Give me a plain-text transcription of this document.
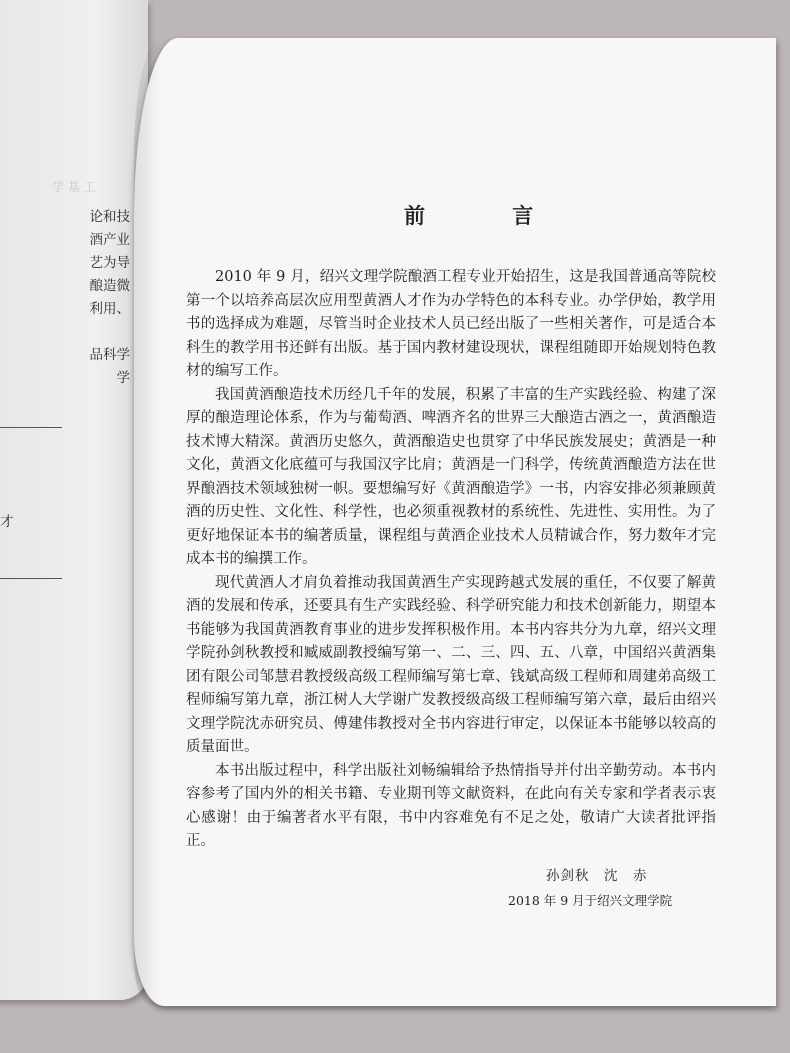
学 基 工
论和技
酒产业
艺为导
酿造微
利用、
品科学
学
才
前 言

2010 年 9 月，绍兴文理学院酿酒工程专业开始招生，这是我国普通高等院校第一个以培养高层次应用型黄酒人才作为办学特色的本科专业。办学伊始，教学用书的选择成为难题，尽管当时企业技术人员已经出版了一些相关著作，可是适合本科生的教学用书还鲜有出版。基于国内教材建设现状，课程组随即开始规划特色教材的编写工作。

我国黄酒酿造技术历经几千年的发展，积累了丰富的生产实践经验、构建了深厚的酿造理论体系，作为与葡萄酒、啤酒齐名的世界三大酿造古酒之一，黄酒酿造技术博大精深。黄酒历史悠久，黄酒酿造史也贯穿了中华民族发展史；黄酒是一种文化，黄酒文化底蕴可与我国汉字比肩；黄酒是一门科学，传统黄酒酿造方法在世界酿酒技术领域独树一帜。要想编写好《黄酒酿造学》一书，内容安排必须兼顾黄酒的历史性、文化性、科学性，也必须重视教材的系统性、先进性、实用性。为了更好地保证本书的编著质量，课程组与黄酒企业技术人员精诚合作，努力数年才完成本书的编撰工作。

现代黄酒人才肩负着推动我国黄酒生产实现跨越式发展的重任，不仅要了解黄酒的发展和传承，还要具有生产实践经验、科学研究能力和技术创新能力，期望本书能够为我国黄酒教育事业的进步发挥积极作用。本书内容共分为九章，绍兴文理学院孙剑秋教授和臧威副教授编写第一、二、三、四、五、八章，中国绍兴黄酒集团有限公司邹慧君教授级高级工程师编写第七章、钱斌高级工程师和周建弟高级工程师编写第九章，浙江树人大学谢广发教授级高级工程师编写第六章，最后由绍兴文理学院沈赤研究员、傅建伟教授对全书内容进行审定，以保证本书能够以较高的质量面世。

本书出版过程中，科学出版社刘畅编辑给予热情指导并付出辛勤劳动。本书内容参考了国内外的相关书籍、专业期刊等文献资料，在此向有关专家和学者表示衷心感谢！由于编著者水平有限，书中内容难免有不足之处，敬请广大读者批评指正。

孙剑秋　沈　赤
2018 年 9 月于绍兴文理学院
